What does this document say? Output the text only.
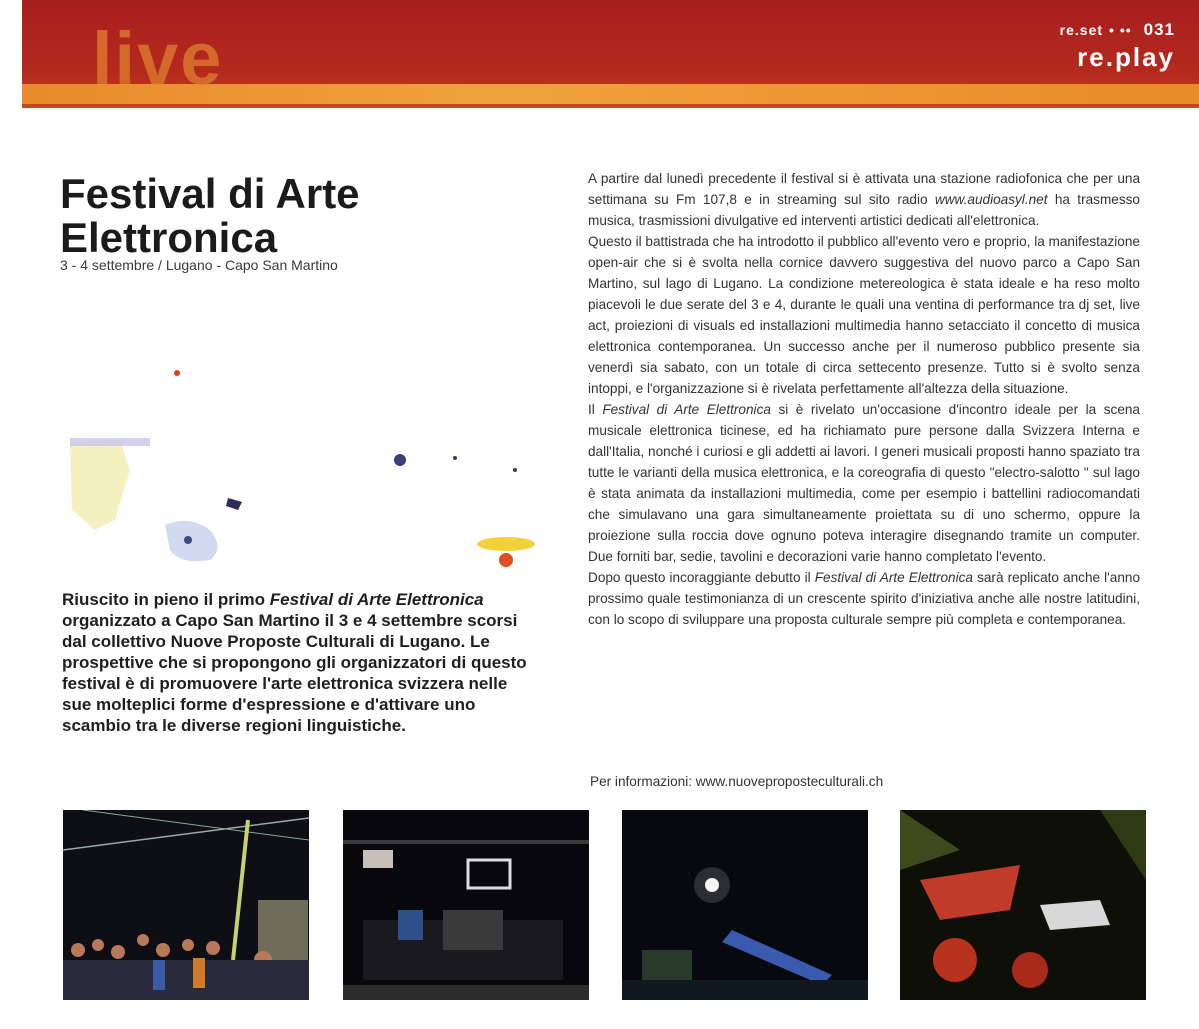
live	re.set • •• 031
re.play
Festival di Arte Elettronica
3 - 4 settembre / Lugano - Capo San Martino

Riuscito in pieno il primo Festival di Arte Elettronica organizzato a Capo San Martino il 3 e 4 settembre scorsi dal collettivo Nuove Proposte Culturali di Lugano. Le prospettive che si propongono gli organizzatori di questo festival è di promuovere l'arte elettronica svizzera nelle sue molteplici forme d'espressione e d'attivare uno scambio tra le diverse regioni linguistiche.

A partire dal lunedì precedente il festival si è attivata una stazione radiofonica che per una settimana su Fm 107,8 e in streaming sul sito radio www.audioasyl.net ha trasmesso musica, trasmissioni divulgative ed interventi artistici dedicati all'elettronica.

Questo il battistrada che ha introdotto il pubblico all'evento vero e proprio, la manifestazione open-air che si è svolta nella cornice davvero suggestiva del nuovo parco a Capo San Martino, sul lago di Lugano. La condizione metereologica è stata ideale e ha reso molto piacevoli le due serate del 3 e 4, durante le quali una ventina di performance tra dj set, live act, proiezioni di visuals ed installazioni multimedia hanno setacciato il concetto di musica elettronica contemporanea. Un successo anche per il numeroso pubblico presente sia venerdì sia sabato, con un totale di circa settecento presenze. Tutto si è svolto senza intoppi, e l'organizzazione si è rivelata perfettamente all'altezza della situazione.

Il Festival di Arte Elettronica si è rivelato un'occasione d'incontro ideale per la scena musicale elettronica ticinese, ed ha richiamato pure persone dalla Svizzera Interna e dall'Italia, nonché i curiosi e gli addetti ai lavori. I generi musicali proposti hanno spaziato tra tutte le varianti della musica elettronica, e la coreografia di questo "electro-salotto " sul lago è stata animata da installazioni multimedia, come per esempio i battellini radiocomandati che simulavano una gara simultaneamente proiettata su di uno schermo, oppure la proiezione sulla roccia dove ognuno poteva interagire disegnando tramite un computer. Due forniti bar, sedie, tavolini e decorazioni varie hanno completato l'evento.

Dopo questo incoraggiante debutto il Festival di Arte Elettronica sarà replicato anche l'anno prossimo quale testimonianza di un crescente spirito d'iniziativa anche alle nostre latitudini, con lo scopo di sviluppare una proposta culturale sempre più completa e contemporanea.

Per informazioni: www.nuoveproposteculturali.ch
